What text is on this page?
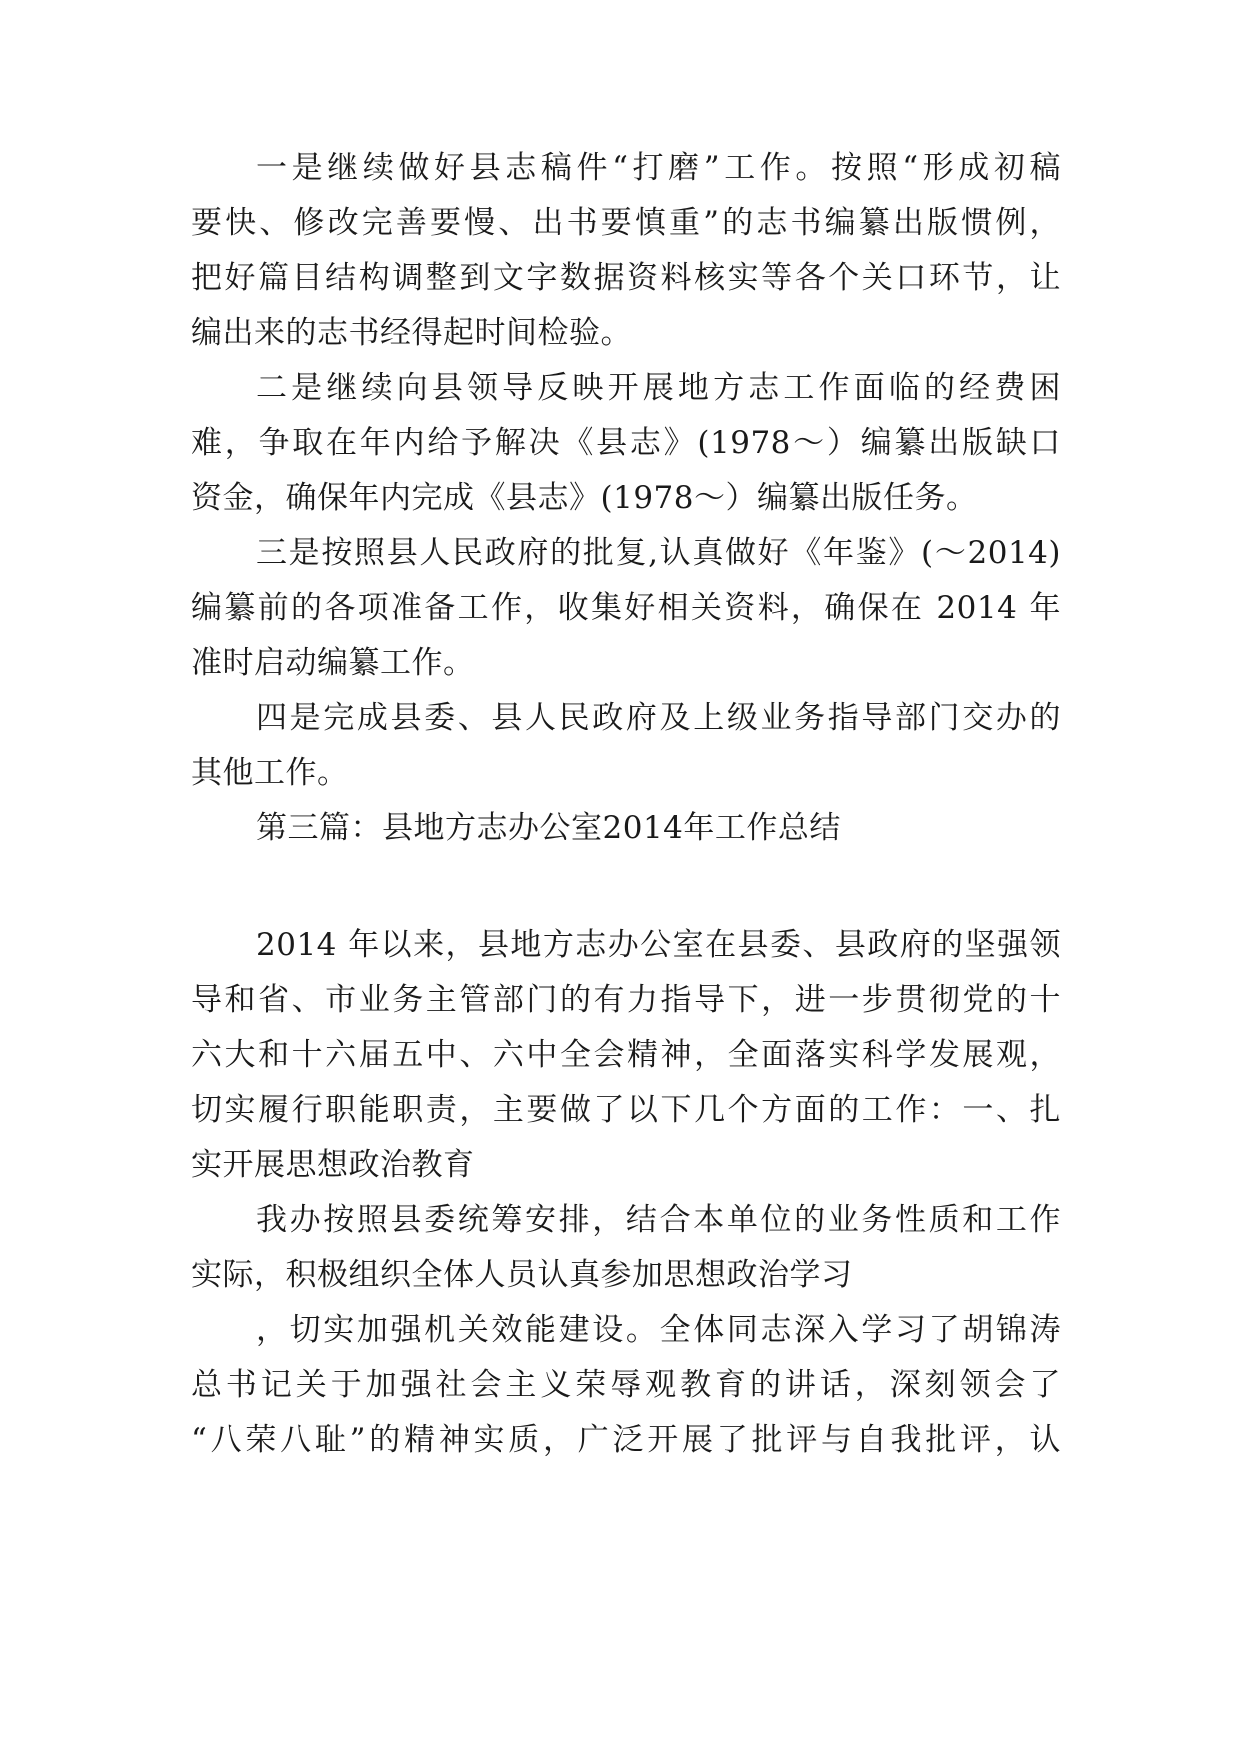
一是继续做好县志稿件“打磨”工作。按照“形成初稿
要快、修改完善要慢、出书要慎重”的志书编纂出版惯例，
把好篇目结构调整到文字数据资料核实等各个关口环节，让
编出来的志书经得起时间检验。
二是继续向县领导反映开展地方志工作面临的经费困
难，争取在年内给予解决《县志》(1978～）编纂出版缺口
资金，确保年内完成《县志》(1978～）编纂出版任务。
三是按照县人民政府的批复,认真做好《年鉴》(～2014)
编纂前的各项准备工作，收集好相关资料，确保在 2014 年
准时启动编纂工作。
四是完成县委、县人民政府及上级业务指导部门交办的
其他工作。
第三篇：县地方志办公室2014年工作总结
2014 年以来，县地方志办公室在县委、县政府的坚强领
导和省、市业务主管部门的有力指导下，进一步贯彻党的十
六大和十六届五中、六中全会精神，全面落实科学发展观，
切实履行职能职责，主要做了以下几个方面的工作：一、扎
实开展思想政治教育
我办按照县委统筹安排，结合本单位的业务性质和工作
实际，积极组织全体人员认真参加思想政治学习
，切实加强机关效能建设。全体同志深入学习了胡锦涛
总书记关于加强社会主义荣辱观教育的讲话，深刻领会了
“八荣八耻”的精神实质，广泛开展了批评与自我批评，认
